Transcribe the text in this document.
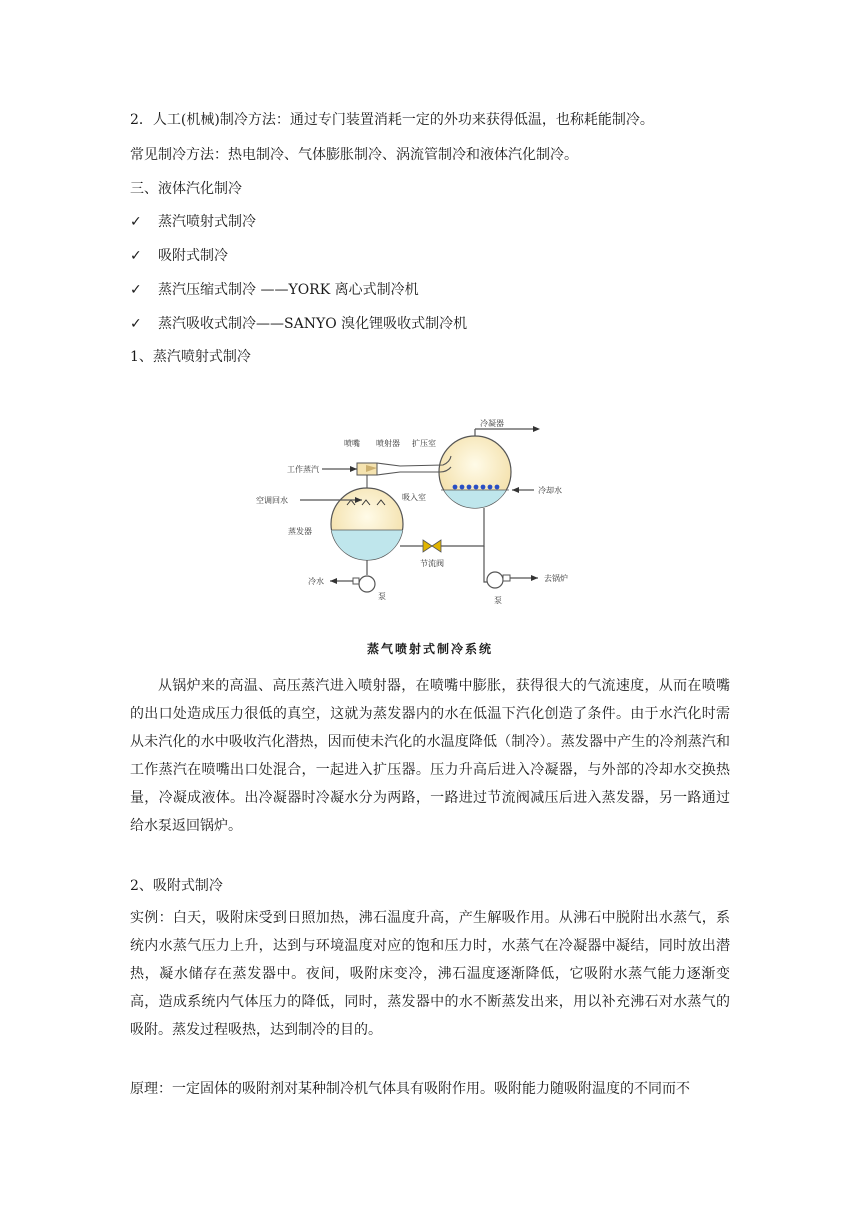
2．人工(机械)制冷方法：通过专门装置消耗一定的外功来获得低温，也称耗能制冷。
常见制冷方法：热电制冷、气体膨胀制冷、涡流管制冷和液体汽化制冷。
三、液体汽化制冷
✓ 蒸汽喷射式制冷
✓ 吸附式制冷
✓ 蒸汽压缩式制冷 ——YORK 离心式制冷机
✓ 蒸汽吸收式制冷——SANYO 溴化锂吸收式制冷机
1、蒸汽喷射式制冷
喷嘴 喷射器 扩压室
冷凝器
工作蒸汽
空调回水	吸入室
冷却水
蒸发器
节流阀
冷水
泵	泵
去锅炉
蒸气喷射式制冷系统
从锅炉来的高温、高压蒸汽进入喷射器，在喷嘴中膨胀，获得很大的气流速度，从而在喷嘴的出口处造成压力很低的真空，这就为蒸发器内的水在低温下汽化创造了条件。由于水汽化时需从未汽化的水中吸收汽化潜热，因而使未汽化的水温度降低（制冷）。蒸发器中产生的冷剂蒸汽和工作蒸汽在喷嘴出口处混合，一起进入扩压器。压力升高后进入冷凝器，与外部的冷却水交换热量，冷凝成液体。出冷凝器时冷凝水分为两路，一路进过节流阀减压后进入蒸发器，另一路通过给水泵返回锅炉。
2、吸附式制冷
实例：白天，吸附床受到日照加热，沸石温度升高，产生解吸作用。从沸石中脱附出水蒸气，系统内水蒸气压力上升，达到与环境温度对应的饱和压力时，水蒸气在冷凝器中凝结，同时放出潜热，凝水储存在蒸发器中。夜间，吸附床变冷，沸石温度逐渐降低，它吸附水蒸气能力逐渐变高，造成系统内气体压力的降低，同时，蒸发器中的水不断蒸发出来，用以补充沸石对水蒸气的吸附。蒸发过程吸热，达到制冷的目的。
原理：一定固体的吸附剂对某种制冷机气体具有吸附作用。吸附能力随吸附温度的不同而不
